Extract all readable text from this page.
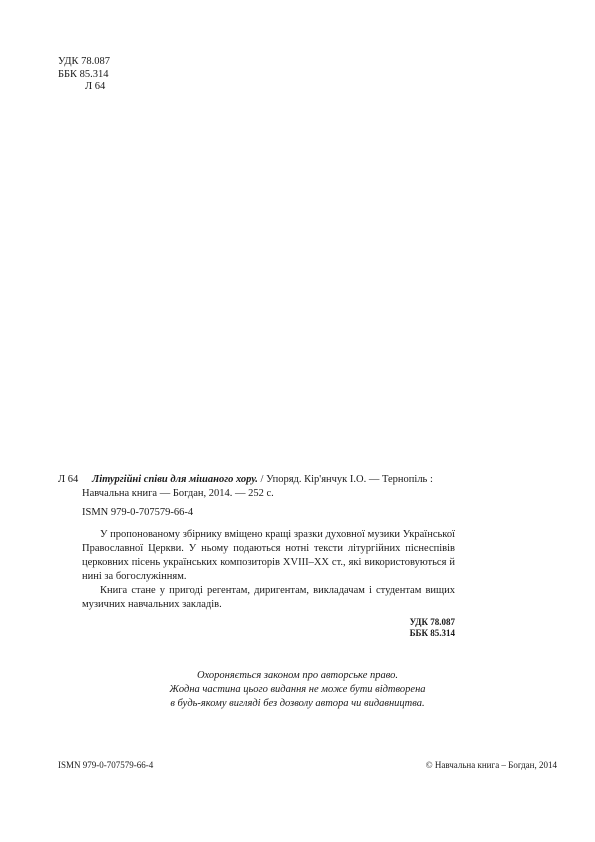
УДК 78.087
ББК 85.314
Л 64
Л 64	Літургійні співи для мішаного хору. / Упоряд. Кір'янчук І.О. — Тернопіль :
Навчальна книга — Богдан, 2014. — 252 с.
ISMN 979-0-707579-66-4

У пропонованому збірнику вміщено кращі зразки духовної музики Української Православної Церкви. У ньому подаються нотні тексти літургійних піснеспівів церковних пісень українських композиторів XVIII–XX ст., які використовуються й нині за богослужінням.

Книга стане у пригоді регентам, диригентам, викладачам і студентам вищих музичних навчальних закладів.

УДК 78.087
ББК 85.314
Охороняється законом про авторське право.
Жодна частина цього видання не може бути відтворена
в будь-якому вигляді без дозволу автора чи видавництва.
ISMN 979-0-707579-66-4	© Навчальна книга – Богдан, 2014
